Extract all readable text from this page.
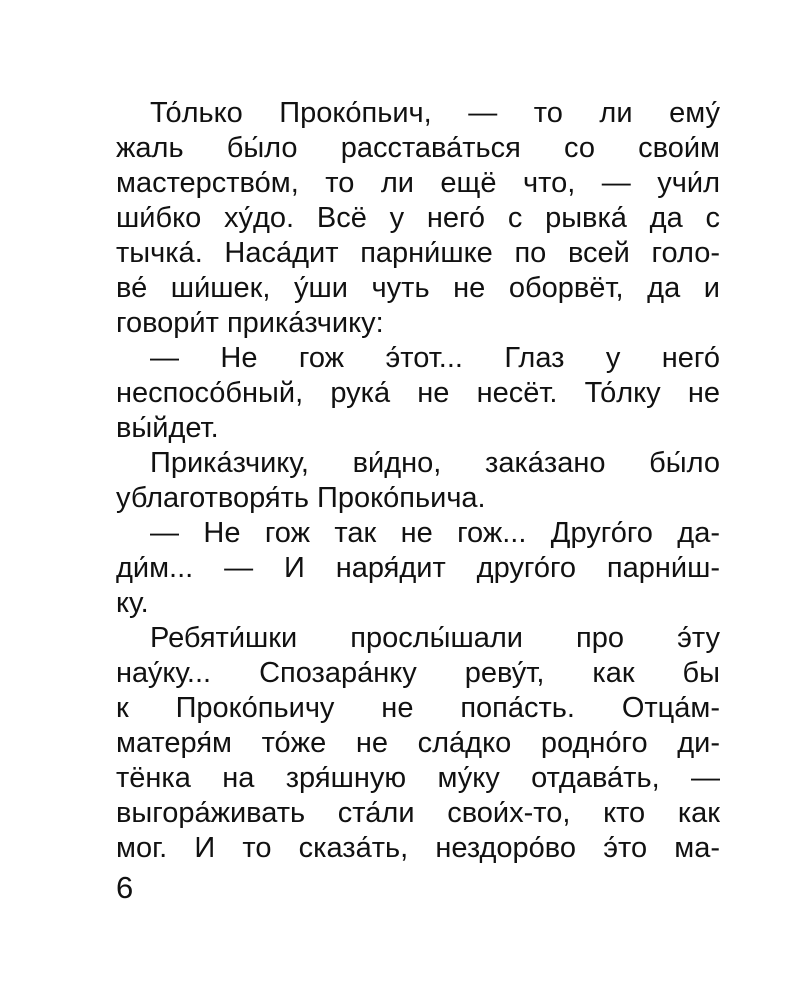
То́лько Проко́пьич, — то ли ему́
жаль бы́ло расстава́ться со свои́м
мастерство́м, то ли ещё что, — учи́л
ши́бко ху́до. Всё у него́ с рывка́ да с
тычка́. Наса́дит парни́шке по всей голо-
ве́ ши́шек, у́ши чуть не оборвёт, да и
говори́т прика́зчику:
— Не гож э́тот... Глаз у него́
неспосо́бный, рука́ не несёт. То́лку не
вы́йдет.
Прика́зчику, ви́дно, зака́зано бы́ло
ублаготворя́ть Проко́пьича.
— Не гож так не гож... Друго́го да-
ди́м... — И наря́дит друго́го парни́ш-
ку.
Ребяти́шки прослы́шали про э́ту
нау́ку... Спозара́нку реву́т, как бы
к Проко́пьичу не попа́сть. Отца́м-
матеря́м то́же не сла́дко родно́го ди-
тёнка на зря́шную му́ку отдава́ть, —
выгора́живать ста́ли свои́х-то, кто как
мог. И то сказа́ть, нездоро́во э́то ма-
6
